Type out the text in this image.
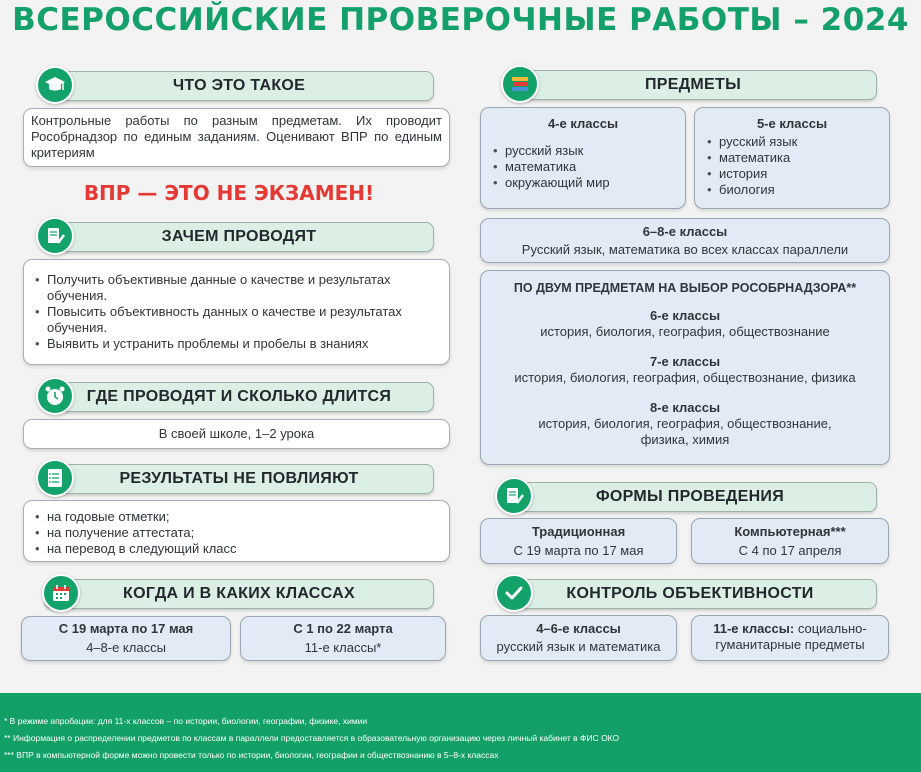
ВСЕРОССИЙСКИЕ ПРОВЕРОЧНЫЕ РАБОТЫ – 2024
ЧТО ЭТО ТАКОЕ
Контрольные работы по разным предметам. Их проводит Рособрнадзор по единым заданиям. Оценивают ВПР по единым критериям
ВПР — ЭТО НЕ ЭКЗАМЕН!
ЗАЧЕМ ПРОВОДЯТ
• Получить объективные данные о качестве и результатах обучения.
• Повысить объективность данных о качестве и результатах обучения.
• Выявить и устранить проблемы и пробелы в знаниях
ГДЕ ПРОВОДЯТ И СКОЛЬКО ДЛИТСЯ
В своей школе, 1–2 урока
РЕЗУЛЬТАТЫ НЕ ПОВЛИЯЮТ
• на годовые отметки;
• на получение аттестата;
• на перевод в следующий класс
КОГДА И В КАКИХ КЛАССАХ
С 19 марта по 17 мая
4–8-е классы
С 1 по 22 марта
11-е классы*
ПРЕДМЕТЫ
4-е классы
• русский язык
• математика
• окружающий мир
5-е классы
• русский язык
• математика
• история
• биология
6–8-е классы
Русский язык, математика во всех классах параллели
ПО ДВУМ ПРЕДМЕТАМ НА ВЫБОР РОСОБРНАДЗОРА**
6-е классы
история, биология, география, обществознание
7-е классы
история, биология, география, обществознание, физика
8-е классы
история, биология, география, обществознание, физика, химия
ФОРМЫ ПРОВЕДЕНИЯ
Традиционная
С 19 марта по 17 мая
Компьютерная***
С 4 по 17 апреля
КОНТРОЛЬ ОБЪЕКТИВНОСТИ
4–6-е классы
русский язык и математика
11-е классы: социально-гуманитарные предметы
* В режиме апробации: для 11-х классов – по истории, биологии, географии, физике, химии
** Информация о распределении предметов по классам в параллели предоставляется в образовательную организацию через личный кабинет в ФИС ОКО
*** ВПР в компьютерной форме можно провести только по истории, биологии, географии и обществознанию в 5–8-х классах
